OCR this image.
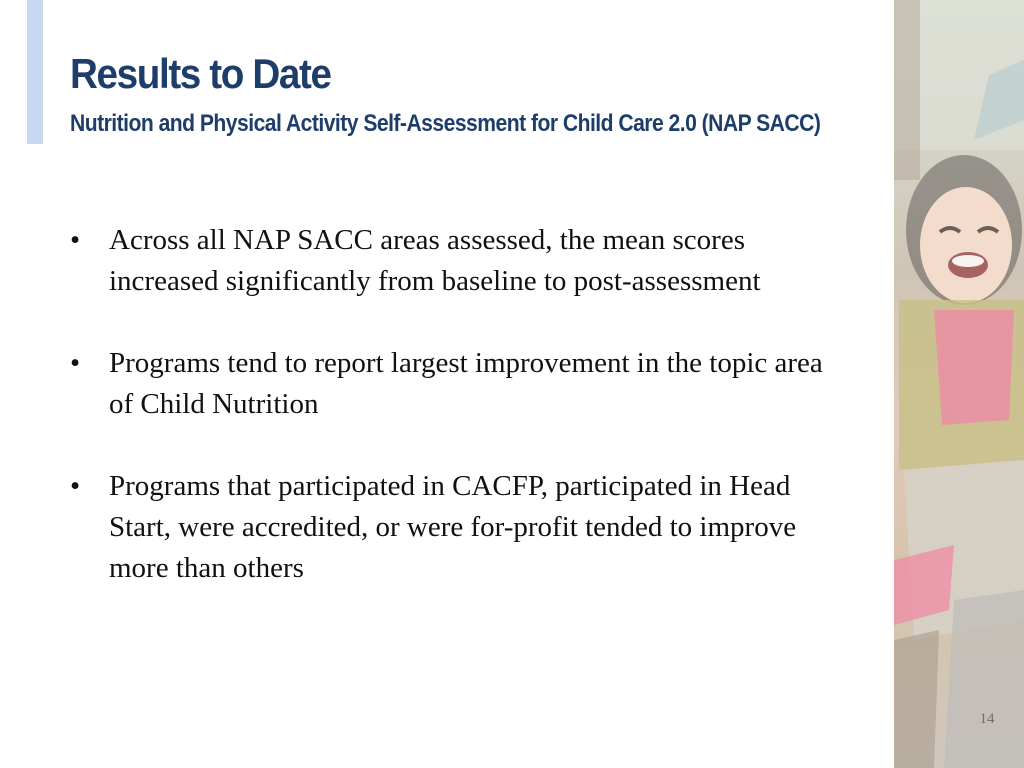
Results to Date
Nutrition and Physical Activity Self-Assessment for Child Care 2.0 (NAP SACC)
• Across all NAP SACC areas assessed, the mean scores increased significantly from baseline to post-assessment
• Programs tend to report largest improvement in the topic area of Child Nutrition
• Programs that participated in CACFP, participated in Head Start, were accredited, or were for-profit tended to improve more than others
14
